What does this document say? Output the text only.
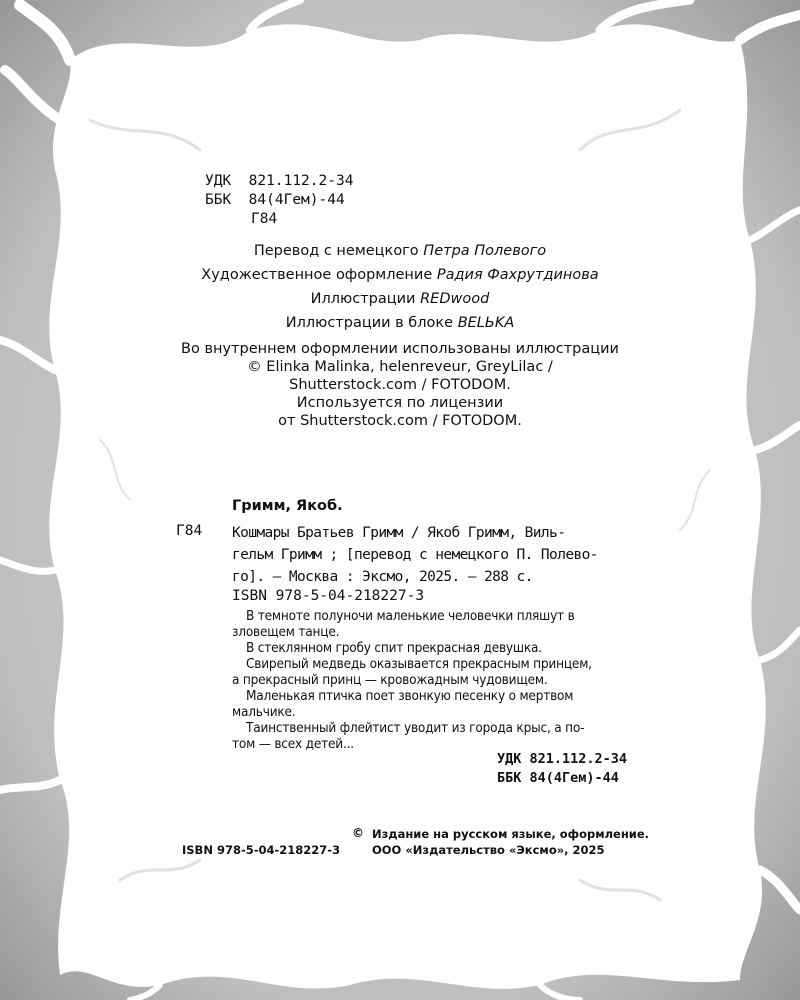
УДК 821.112.2-34
ББК 84(4Гем)-44
Г84
Перевод с немецкого Петра Полевого
Художественное оформление Радия Фахрутдинова
Иллюстрации REDwood
Иллюстрации в блоке BELЬKA
Во внутреннем оформлении использованы иллюстрации
© Elinka Malinka, helenreveur, GreyLilac /
Shutterstock.com / FOTODOM.
Используется по лицензии
от Shutterstock.com / FOTODOM.
Гримм, Якоб.
Г84 Кошмары Братьев Гримм / Якоб Гримм, Виль-
гельм Гримм ; [перевод с немецкого П. Полево-
го]. — Москва : Эксмо, 2025. — 288 с.
ISBN 978-5-04-218227-3
В темноте полуночи маленькие человечки пляшут в
зловещем танце.
В стеклянном гробу спит прекрасная девушка.
Свирепый медведь оказывается прекрасным принцем,
а прекрасный принц — кровожадным чудовищем.
Маленькая птичка поет звонкую песенку о мертвом
мальчике.
Таинственный флейтист уводит из города крыс, а по-
том — всех детей...
УДК 821.112.2-34
ББК 84(4Гем)-44
© Издание на русском языке, оформление.
ООО «Издательство «Эксмо», 2025
ISBN 978-5-04-218227-3
